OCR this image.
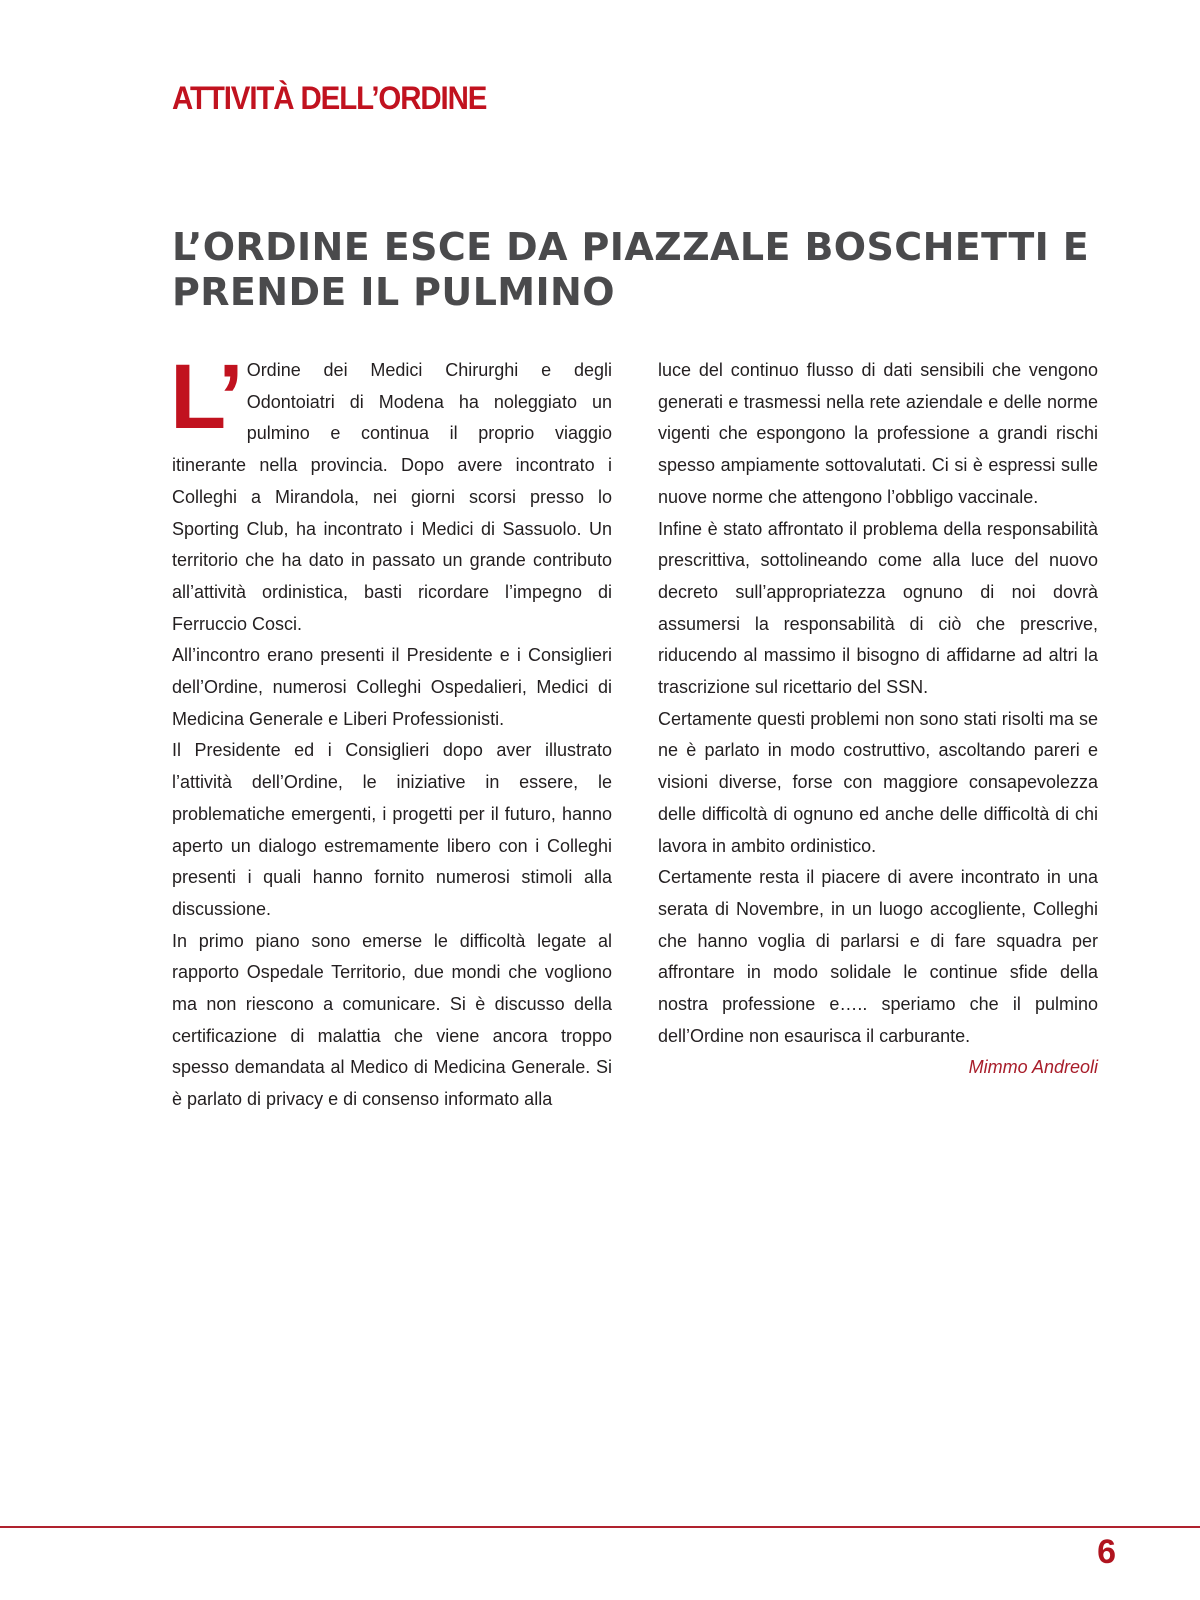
ATTIVITÀ DELL’ORDINE
L’ORDINE ESCE DA PIAZZALE BOSCHETTI E
PRENDE IL PULMINO

L’ Ordine dei Medici Chirurghi e degli Odontoiatri di Modena ha noleggiato un pulmino e continua il proprio viaggio itinerante nella provincia. Dopo avere incontrato i Colleghi a Mirandola, nei giorni scorsi presso lo Sporting Club, ha incontrato i Medici di Sassuolo. Un territorio che ha dato in passato un grande contributo all’attività ordinistica, basti ricordare l’impegno di Ferruccio Cosci.

All’incontro erano presenti il Presidente e i Consiglieri dell’Ordine, numerosi Colleghi Ospedalieri, Medici di Medicina Generale e Liberi Professionisti.

Il Presidente ed i Consiglieri dopo aver illustrato l’attività dell’Ordine, le iniziative in essere, le problematiche emergenti, i progetti per il futuro, hanno aperto un dialogo estremamente libero con i Colleghi presenti i quali hanno fornito numerosi stimoli alla discussione.

In primo piano sono emerse le difficoltà legate al rapporto Ospedale Territorio, due mondi che vogliono ma non riescono a comunicare. Si è discusso della certificazione di malattia che viene ancora troppo spesso demandata al Medico di Medicina Generale. Si è parlato di privacy e di consenso informato alla

luce del continuo flusso di dati sensibili che vengono generati e trasmessi nella rete aziendale e delle norme vigenti che espongono la professione a grandi rischi spesso ampiamente sottovalutati. Ci si è espressi sulle nuove norme che attengono l’obbligo vaccinale.

Infine è stato affrontato il problema della responsabilità prescrittiva, sottolineando come alla luce del nuovo decreto sull’appropriatezza ognuno di noi dovrà assumersi la responsabilità di ciò che prescrive, riducendo al massimo il bisogno di affidarne ad altri la trascrizione sul ricettario del SSN.

Certamente questi problemi non sono stati risolti ma se ne è parlato in modo costruttivo, ascoltando pareri e visioni diverse, forse con maggiore consapevolezza delle difficoltà di ognuno ed anche delle difficoltà di chi lavora in ambito ordinistico.

Certamente resta il piacere di avere incontrato in una serata di Novembre, in un luogo accogliente, Colleghi che hanno voglia di parlarsi e di fare squadra per affrontare in modo solidale le continue sfide della nostra professione e….. speriamo che il pulmino dell’Ordine non esaurisca il carburante.

Mimmo Andreoli

6
